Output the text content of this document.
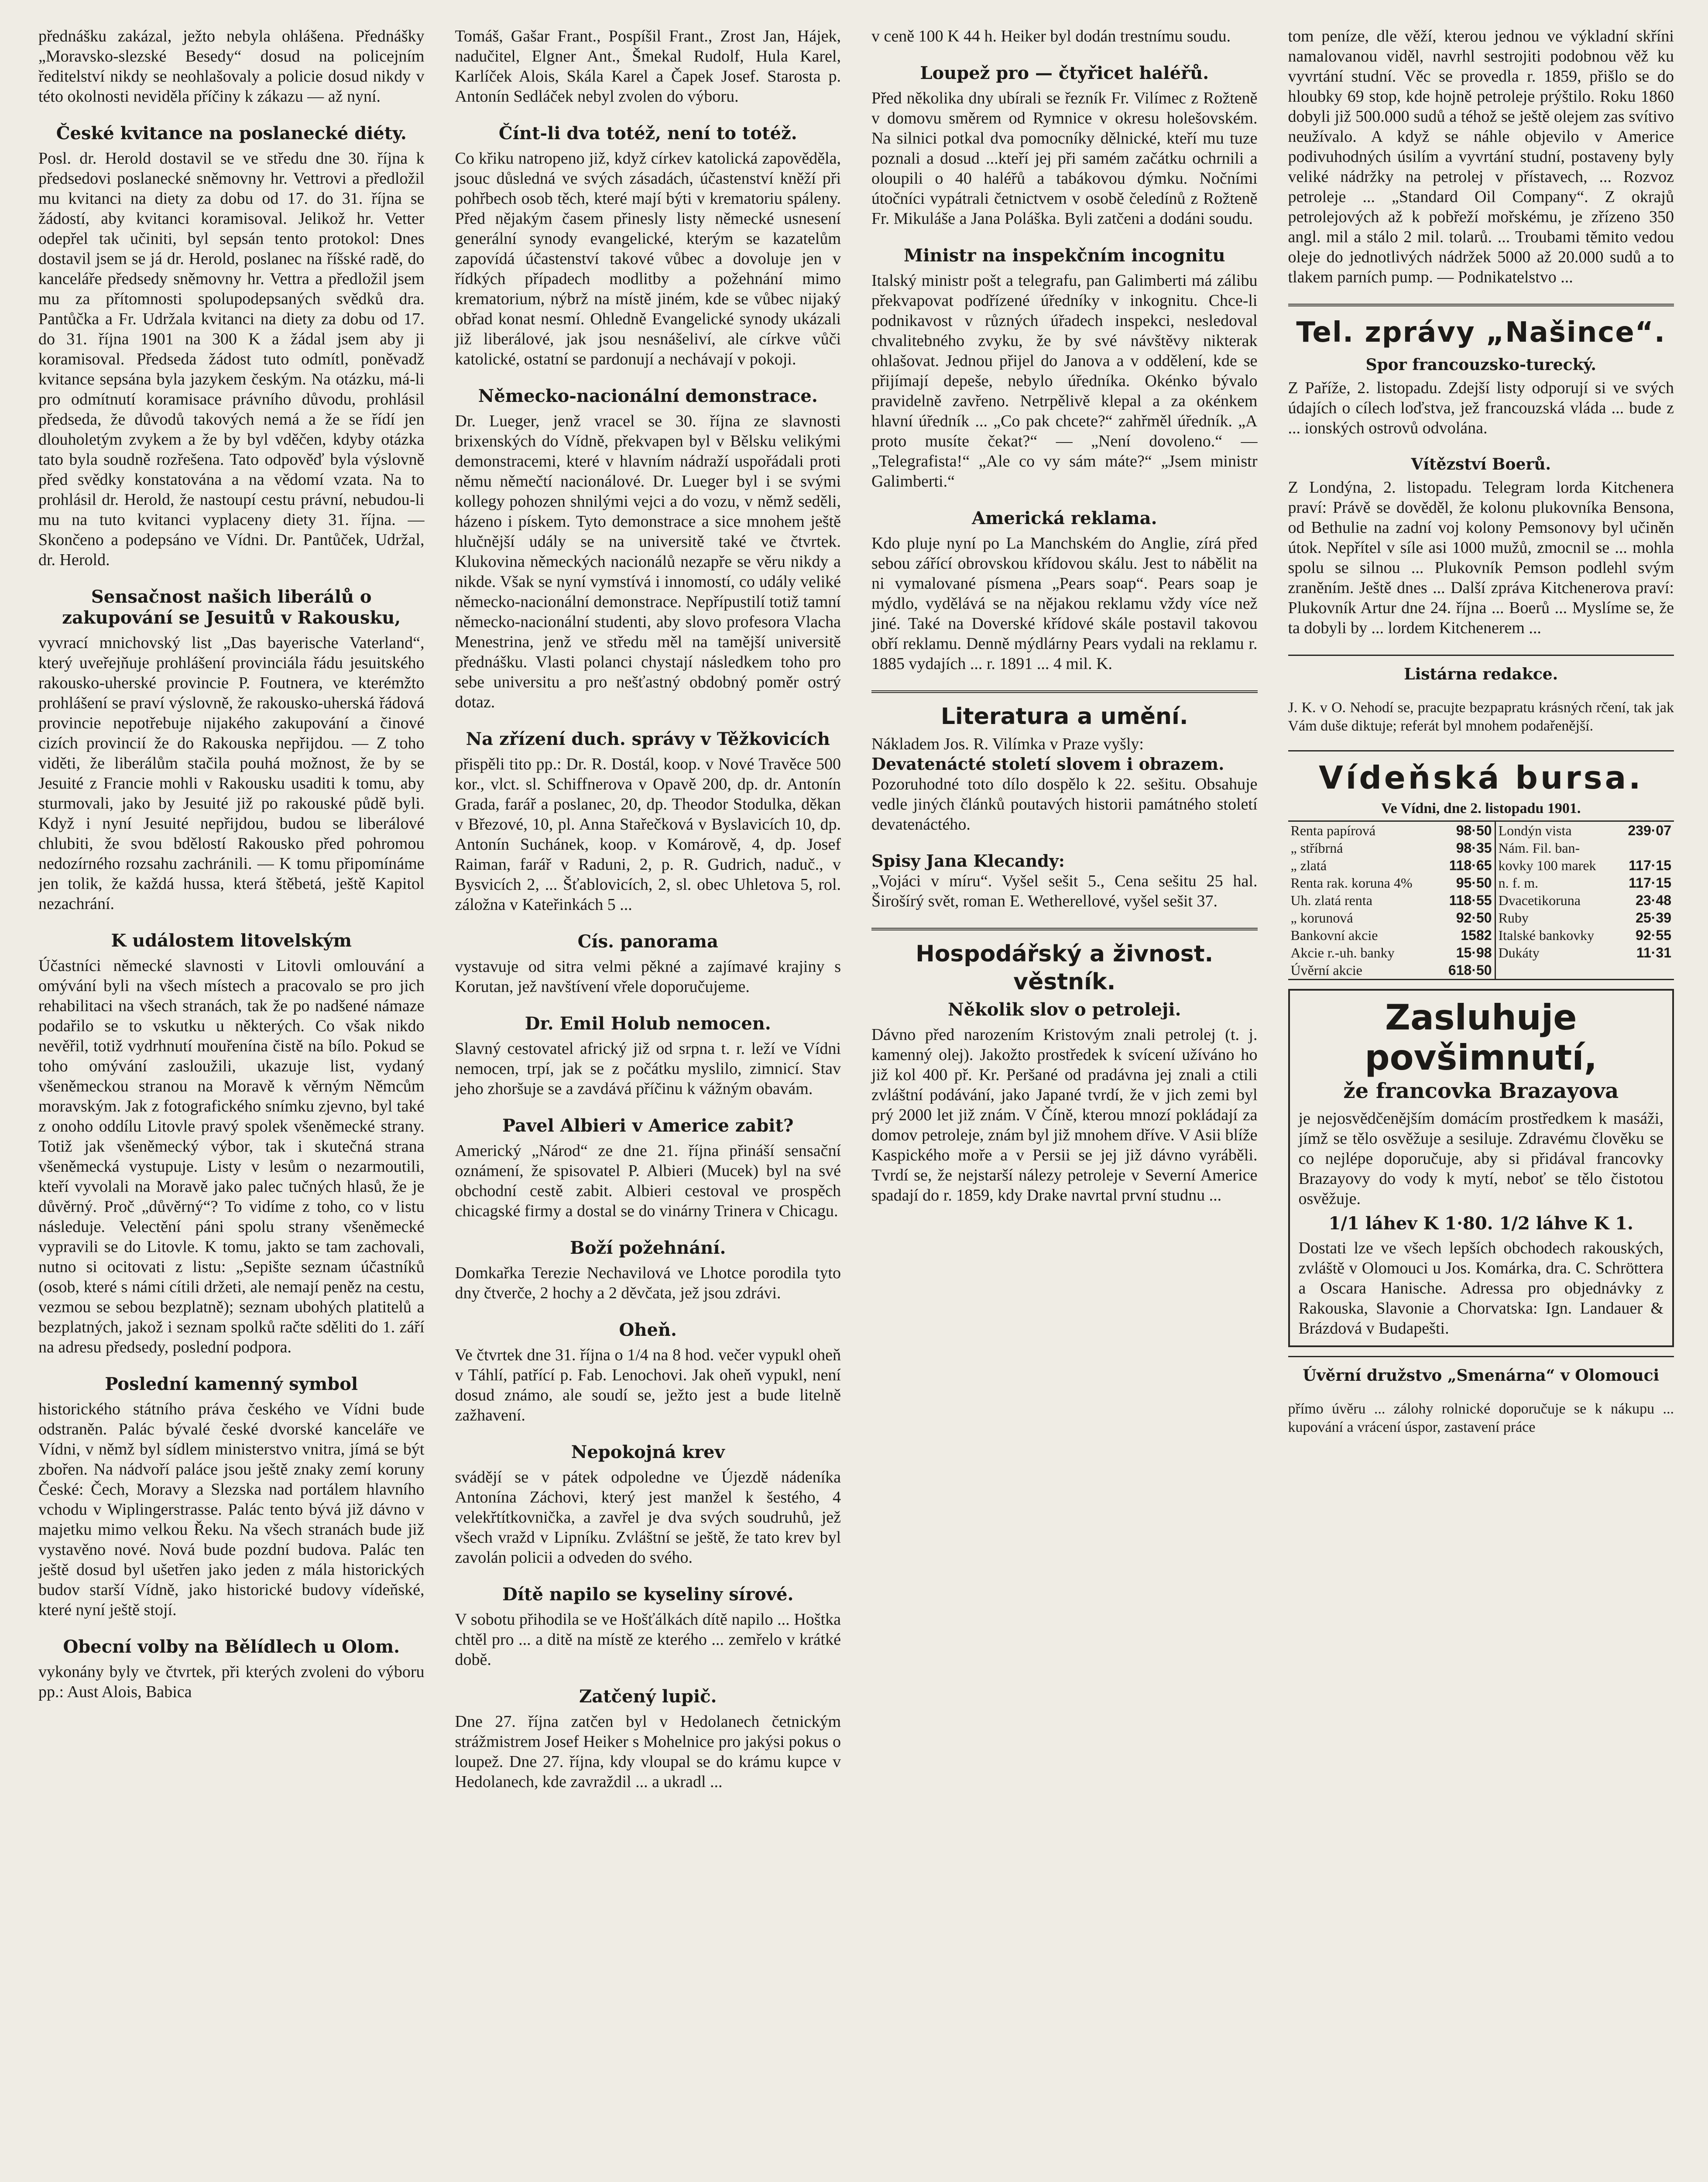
přednášku zakázal, ježto nebyla ohlášena. Přednášky „Moravsko-slezské Besedy“ dosud na policejním ředitelství nikdy se neohlašovaly a policie dosud nikdy v této okolnosti neviděla příčiny k zákazu — až nyní.

České kvitance na poslanecké diéty.

Posl. dr. Herold dostavil se ve středu dne 30. října k předsedovi poslanecké sněmovny hr. Vettrovi a předložil mu kvitanci na diety za dobu od 17. do 31. října se žádostí, aby kvitanci koramisoval. Jelikož hr. Vetter odepřel tak učiniti, byl sepsán tento protokol: Dnes dostavil jsem se já dr. Herold, poslanec na říšské radě, do kanceláře předsedy sněmovny hr. Vettra a předložil jsem mu za přítomnosti spolupodepsaných svědků dra. Pantůčka a Fr. Udržala kvitanci na diety za dobu od 17. do 31. října 1901 na 300 K a žádal jsem aby ji koramisoval. Předseda žádost tuto odmítl, poněvadž kvitance sepsána byla jazykem českým. Na otázku, má-li pro odmítnutí koramisace právního důvodu, prohlásil předseda, že důvodů takových nemá a že se řídí jen dlouholetým zvykem a že by byl vděčen, kdyby otázka tato byla soudně rozřešena. Tato odpověď byla výslovně před svědky konstatována a na vědomí vzata. Na to prohlásil dr. Herold, že nastoupí cestu právní, nebudou-li mu na tuto kvitanci vyplaceny diety 31. října. — Skončeno a podepsáno ve Vídni. Dr. Pantůček, Udržal, dr. Herold.

Sensačnost našich liberálů o zakupování se Jesuitů v Rakousku,

vyvrací mnichovský list „Das bayerische Vaterland“, který uveřejňuje prohlášení provinciála řádu jesuitského rakousko-uherské provincie P. Foutnera, ve kterémžto prohlášení se praví výslovně, že rakousko-uherská řádová provincie nepotřebuje nijakého zakupování a činové cizích provincií že do Rakouska nepřijdou. — Z toho viděti, že liberálům stačila pouhá možnost, že by se Jesuité z Francie mohli v Rakousku usaditi k tomu, aby sturmovali, jako by Jesuité již po rakouské půdě byli. Když i nyní Jesuité nepřijdou, budou se liberálové chlubiti, že svou bdělostí Rakousko před pohromou nedozírného rozsahu zachránili. — K tomu připomínáme jen tolik, že každá hussa, která štěbetá, ještě Kapitol nezachrání.

K událostem litovelským

Účastníci německé slavnosti v Litovli omlouvání a omývání byli na všech místech a pracovalo se pro jich rehabilitaci na všech stranách, tak že po nadšené námaze podařilo se to vskutku u některých. Co však nikdo nevěřil, totiž vydrhnutí mouřenína čistě na bílo. Pokud se toho omývání zasloužili, ukazuje list, vydaný všeněmeckou stranou na Moravě k věrným Němcům moravským. Jak z fotografického snímku zjevno, byl také z onoho oddílu Litovle pravý spolek všeněmecké strany. Totiž jak všeněmecký výbor, tak i skutečná strana všeněmecká vystupuje. Listy v lesům o nezarmoutili, kteří vyvolali na Moravě jako palec tučných hlasů, že je důvěrný. Proč „důvěrný“? To vidíme z toho, co v listu následuje. Velectění páni spolu strany všeněmecké vypravili se do Litovle. K tomu, jakto se tam zachovali, nutno si ocitovati z listu: „Sepište seznam účastníků (osob, které s námi cítili držeti, ale nemají peněz na cestu, vezmou se sebou bezplatně); seznam ubohých platitelů a bezplatných, jakož i seznam spolků račte sděliti do 1. září na adresu předsedy, poslední podpora.

Poslední kamenný symbol

historického státního práva českého ve Vídni bude odstraněn. Palác bývalé české dvorské kanceláře ve Vídni, v němž byl sídlem ministerstvo vnitra, jímá se být zbořen. Na nádvoří paláce jsou ještě znaky zemí koruny České: Čech, Moravy a Slezska nad portálem hlavního vchodu v Wiplingerstrasse. Palác tento bývá již dávno v majetku mimo velkou Řeku. Na všech stranách bude již vystavěno nové. Nová bude pozdní budova. Palác ten ještě dosud byl ušetřen jako jeden z mála historických budov starší Vídně, jako historické budovy vídeňské, které nyní ještě stojí.

Obecní volby na Bělídlech u Olom.

vykonány byly ve čtvrtek, při kterých zvoleni do výboru pp.: Aust Alois, Babica

Tomáš, Gašar Frant., Pospíšil Frant., Zrost Jan, Hájek, nadučitel, Elgner Ant., Šmekal Rudolf, Hula Karel, Karlíček Alois, Skála Karel a Čapek Josef. Starosta p. Antonín Sedláček nebyl zvolen do výboru.

Čínt-li dva totéž, není to totéž.

Co křiku natropeno již, když církev katolická zapověděla, jsouc důsledná ve svých zásadách, účastenství kněží při pohřbech osob těch, které mají býti v krematoriu spáleny. Před nějakým časem přinesly listy německé usnesení generální synody evangelické, kterým se kazatelům zapovídá účastenství takové vůbec a dovoluje jen v řídkých případech modlitby a požehnání mimo krematorium, nýbrž na místě jiném, kde se vůbec nijaký obřad konat nesmí. Ohledně Evangelické synody ukázali již liberálové, jak jsou nesnášeliví, ale církve vůči katolické, ostatní se pardonují a nechávají v pokoji.

Německo-nacionální demonstrace.

Dr. Lueger, jenž vracel se 30. října ze slavnosti brixenských do Vídně, překvapen byl v Bělsku velikými demonstracemi, které v hlavním nádraží uspořádali proti němu němečtí nacionálové. Dr. Lueger byl i se svými kollegy pohozen shnilými vejci a do vozu, v němž seděli, házeno i pískem. Tyto demonstrace a sice mnohem ještě hlučnější udály se na universitě také ve čtvrtek. Klukovina německých nacionálů nezapře se věru nikdy a nikde. Však se nyní vymstívá i innomostí, co udály veliké německo-nacionální demonstrace. Nepřípustilí totiž tamní německo-nacionální studenti, aby slovo profesora Vlacha Menestrina, jenž ve středu měl na tamější universitě přednášku. Vlasti polanci chystají následkem toho pro sebe universitu a pro nešťastný obdobný poměr ostrý dotaz.

Na zřízení duch. správy v Těžkovicích

přispěli tito pp.: Dr. R. Dostál, koop. v Nové Travěce 500 kor., vlct. sl. Schiffnerova v Opavě 200, dp. dr. Antonín Grada, farář a poslanec, 20, dp. Theodor Stodulka, děkan v Březové, 10, pl. Anna Stařečková v Byslavicích 10, dp. Antonín Suchánek, koop. v Komárově, 4, dp. Josef Raiman, farář v Raduni, 2, p. R. Gudrich, naduč., v Bysvicích 2, ... Šťablovicích, 2, sl. obec Uhletova 5, rol. záložna v Kateřinkách 5 ...

Cís. panorama

vystavuje od sitra velmi pěkné a zajímavé krajiny s Korutan, jež navštívení vřele doporučujeme.

Dr. Emil Holub nemocen.

Slavný cestovatel africký již od srpna t. r. leží ve Vídni nemocen, trpí, jak se z počátku myslilo, zimnicí. Stav jeho zhoršuje se a zavdává příčinu k vážným obavám.

Pavel Albieri v Americe zabit?

Americký „Národ“ ze dne 21. října přináší sensační oznámení, že spisovatel P. Albieri (Mucek) byl na své obchodní cestě zabit. Albieri cestoval ve prospěch chicagské firmy a dostal se do vinárny Trinera v Chicagu.

Boží požehnání.

Domkařka Terezie Nechavilová ve Lhotce porodila tyto dny čtverče, 2 hochy a 2 děvčata, jež jsou zdrávi.

Oheň.

Ve čtvrtek dne 31. října o 1/4 na 8 hod. večer vypukl oheň v Táhlí, patřící p. Fab. Lenochovi. Jak oheň vypukl, není dosud známo, ale soudí se, ježto jest a bude litelně zažhavení.

Nepokojná krev

svádějí se v pátek odpoledne ve Újezdě nádeníka Antonína Záchovi, který jest manžel k šestého, 4 velekřtítkovnička, a zavřel je dva svých soudruhů, jež všech vražd v Lipníku. Zvláštní se ještě, že tato krev byl zavolán policii a odveden do svého.

Dítě napilo se kyseliny sírové.

V sobotu přihodila se ve Hošťálkách dítě napilo ... Hoštka chtěl pro ... a ditě na místě ze kterého ... zemřelo v krátké době.

Zatčený lupič.

Dne 27. října zatčen byl v Hedolanech četnickým strážmistrem Josef Heiker s Mohelnice pro jakýsi pokus o loupež. Dne 27. října, kdy vloupal se do krámu kupce v Hedolanech, kde zavraždil ... a ukradl ...

v ceně 100 K 44 h. Heiker byl dodán trestnímu soudu.

Loupež pro — čtyřicet haléřů.

Před několika dny ubírali se řezník Fr. Vilímec z Rožteně v domovu směrem od Rymnice v okresu holešovském. Na silnici potkal dva pomocníky dělnické, kteří mu tuze poznali a dosud ...kteří jej při samém začátku ochrnili a oloupili o 40 haléřů a tabákovou dýmku. Nočními útočníci vypátrali četnictvem v osobě čeledínů z Rožteně Fr. Mikuláše a Jana Poláška. Byli zatčeni a dodáni soudu.

Ministr na inspekčním incognitu

Italský ministr pošt a telegrafu, pan Galimberti má zálibu překvapovat podřízené úředníky v inkognitu. Chce-li podnikavost v různých úřadech inspekci, nesledoval chvalitebného zvyku, že by své návštěvy nikterak ohlašovat. Jednou přijel do Janova a v oddělení, kde se přijímají depeše, nebylo úředníka. Okénko bývalo pravidelně zavřeno. Netrpělivě klepal a za okénkem hlavní úředník ... „Co pak chcete?“ zahřměl úředník. „A proto musíte čekat?“ — „Není dovoleno.“ — „Telegrafista!“ „Ale co vy sám máte?“ „Jsem ministr Galimberti.“

Americká reklama.

Kdo pluje nyní po La Manchském do Anglie, zírá před sebou zářící obrovskou křídovou skálu. Jest to nábělit na ni vymalované písmena „Pears soap“. Pears soap je mýdlo, vydělává se na nějakou reklamu vždy více než jiné. Také na Doverské křídové skále postavil takovou obří reklamu. Denně mýdlárny Pears vydali na reklamu r. 1885 vydajích ... r. 1891 ... 4 mil. K.

Literatura a umění.

Nákladem Jos. R. Vilímka v Praze vyšly:

Devatenácté století slovem i obrazem.

Pozoruhodné toto dílo dospělo k 22. sešitu. Obsahuje vedle jiných článků poutavých historii památného století devatenáctého.

Spisy Jana Klecandy:

„Vojáci v míru“. Vyšel sešit 5., Cena sešitu 25 hal. Širošírý svět, roman E. Wetherellové, vyšel sešit 37.

Hospodářský a živnost. věstník.
Několik slov o petroleji.

Dávno před narozením Kristovým znali petrolej (t. j. kamenný olej). Jakožto prostředek k svícení užíváno ho již kol 400 př. Kr. Peršané od pradávna jej znali a ctili zvláštní podávání, jako Japané tvrdí, že v jich zemi byl prý 2000 let již znám. V Číně, kterou mnozí pokládají za domov petroleje, znám byl již mnohem dříve. V Asii blíže Kaspického moře a v Persii se jej již dávno vyráběli. Tvrdí se, že nejstarší nálezy petroleje v Severní Americe spadají do r. 1859, kdy Drake navrtal první studnu ...

tom peníze, dle věží, kterou jednou ve výkladní skříni namalovanou viděl, navrhl sestrojiti podobnou věž ku vyvrtání studní. Věc se provedla r. 1859, přišlo se do hloubky 69 stop, kde hojně petroleje prýštilo. Roku 1860 dobyli již 500.000 sudů a téhož se ještě olejem zas svítivo neužívalo. A když se náhle objevilo v Americe podivuhodných úsilím a vyvrtání studní, postaveny byly veliké nádržky na petrolej v přístavech, ... Rozvoz petroleje ... „Standard Oil Company“. Z okrajů petrolejových až k pobřeží mořskému, je zřízeno 350 angl. mil a stálo 2 mil. tolarů. ... Troubami těmito vedou oleje do jednotlivých nádržek 5000 až 20.000 sudů a to tlakem parních pump. — Podnikatelstvo ...

Tel. zprávy „Našince“.
Spor francouzsko-turecký.

Z Paříže, 2. listopadu. Zdejší listy odporují si ve svých údajích o cílech loďstva, jež francouzská vláda ... bude z ... ionských ostrovů odvolána.

Vítězství Boerů.

Z Londýna, 2. listopadu. Telegram lorda Kitchenera praví: Právě se dověděl, že kolonu plukovníka Bensona, od Bethulie na zadní voj kolony Pemsonovy byl učiněn útok. Nepřítel v síle asi 1000 mužů, zmocnil se ... mohla spolu se silnou ... Plukovník Pemson podlehl svým zraněním. Ještě dnes ... Další zpráva Kitchenerova praví: Plukovník Artur dne 24. října ... Boerů ... Myslíme se, že ta dobyli by ... lordem Kitchenerem ...

Listárna redakce.

J. K. v O. Nehodí se, pracujte bezpapratu krásných rčení, tak jak Vám duše diktuje; referát byl mnohem podařenější.

Vídeňská bursa.
Ve Vídni, dne 2. listopadu 1901.
Renta papírová	98·50	Londýn vista	239·07
„ stříbrná	98·35	Nám. Fil. ban-	
„ zlatá	118·65	kovky 100 marek	117·15
Renta rak. koruna 4%	95·50	n. f. m.	117·15
Uh. zlatá renta	118·55	Dvacetikoruna	23·48
„ korunová	92·50	Ruby	25·39
Bankovní akcie	1582	Italské bankovky	92·55
Akcie r.-uh. banky	15·98	Dukáty	11·31
Úvěrní akcie	618·50		
Zasluhuje povšimnutí,
že francovka Brazayova

je nejosvědčenějším domácím prostředkem k masáži, jímž se tělo osvěžuje a sesiluje. Zdravému člověku se co nejlépe doporučuje, aby si přidával francovky Brazayovy do vody k mytí, neboť se tělo čistotou osvěžuje.

1/1 láhev K 1·80. 1/2 láhve K 1.

Dostati lze ve všech lepších obchodech rakouských, zvláště v Olomouci u Jos. Komárka, dra. C. Schröttera a Oscara Hanische. Adressa pro objednávky z Rakouska, Slavonie a Chorvatska: Ign. Landauer & Brázdová v Budapešti.

Úvěrní družstvo „Smenárna“ v Olomouci

přímo úvěru ... zálohy rolnické doporučuje se k nákupu ... kupování a vrácení úspor, zastavení práce
